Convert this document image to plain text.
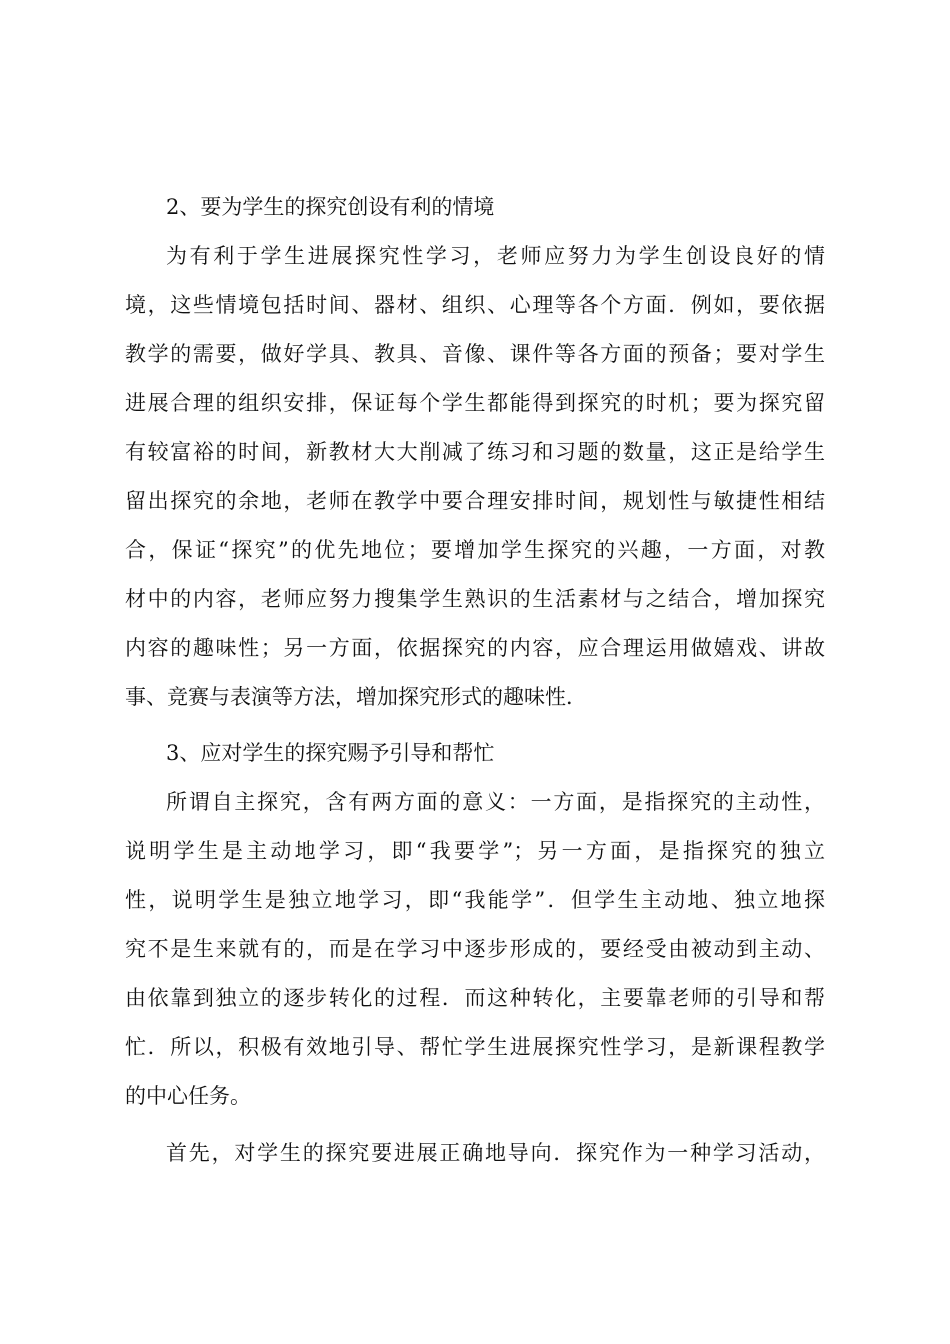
2、要为学生的探究创设有利的情境
为有利于学生进展探究性学习，老师应努力为学生创设良好的情
境，这些情境包括时间、器材、组织、心理等各个方面．例如，要依据
教学的需要，做好学具、教具、音像、课件等各方面的预备；要对学生
进展合理的组织安排，保证每个学生都能得到探究的时机；要为探究留
有较富裕的时间，新教材大大削减了练习和习题的数量，这正是给学生
留出探究的余地，老师在教学中要合理安排时间，规划性与敏捷性相结
合，保证“探究”的优先地位；要增加学生探究的兴趣，一方面，对教
材中的内容，老师应努力搜集学生熟识的生活素材与之结合，增加探究
内容的趣味性；另一方面，依据探究的内容，应合理运用做嬉戏、讲故
事、竞赛与表演等方法，增加探究形式的趣味性．
3、应对学生的探究赐予引导和帮忙
所谓自主探究，含有两方面的意义：一方面，是指探究的主动性，
说明学生是主动地学习，即“我要学”；另一方面，是指探究的独立
性，说明学生是独立地学习，即“我能学”．但学生主动地、独立地探
究不是生来就有的，而是在学习中逐步形成的，要经受由被动到主动、
由依靠到独立的逐步转化的过程．而这种转化，主要靠老师的引导和帮
忙．所以，积极有效地引导、帮忙学生进展探究性学习，是新课程教学
的中心任务。
首先，对学生的探究要进展正确地导向．探究作为一种学习活动，
